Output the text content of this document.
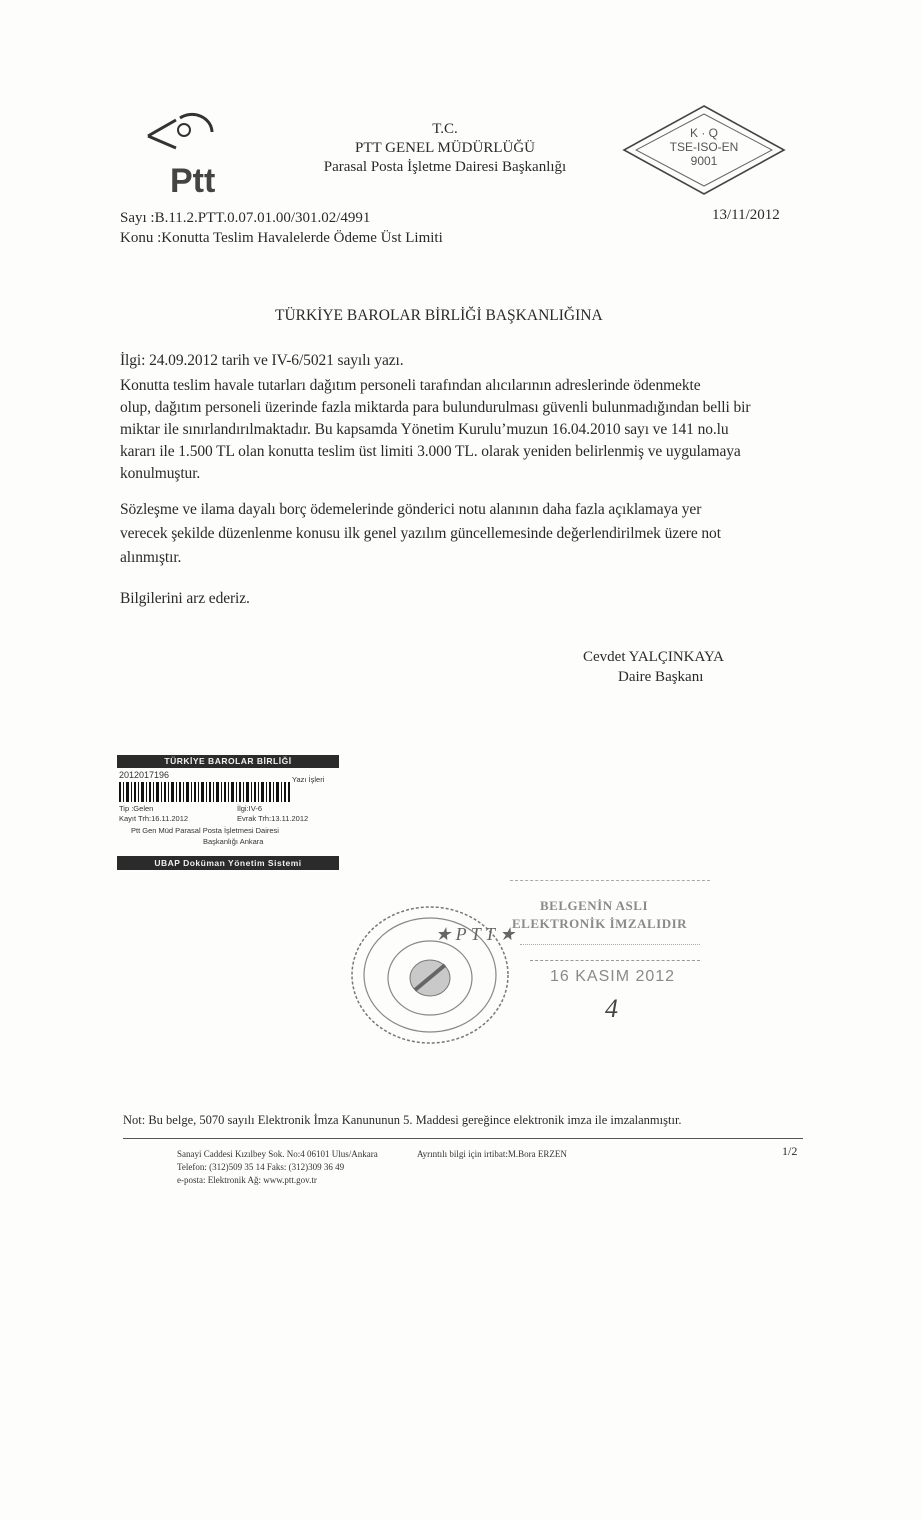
Ptt
T.C.
PTT GENEL MÜDÜRLÜĞÜ
Parasal Posta İşletme Dairesi Başkanlığı
K · Q
TSE-ISO-EN
9001
Sayı :B.11.2.PTT.0.07.01.00/301.02/4991
Konu :Konutta Teslim Havalelerde Ödeme Üst Limiti
13/11/2012
TÜRKİYE BAROLAR BİRLİĞİ BAŞKANLIĞINA
İlgi: 24.09.2012 tarih ve IV-6/5021 sayılı yazı.
Konutta teslim havale tutarları dağıtım personeli tarafından alıcılarının adreslerinde ödenmekte
olup, dağıtım personeli üzerinde fazla miktarda para bulundurulması güvenli bulunmadığından belli bir
miktar ile sınırlandırılmaktadır. Bu kapsamda Yönetim Kurulu’muzun 16.04.2010 sayı ve 141 no.lu
kararı ile 1.500 TL olan konutta teslim üst limiti 3.000 TL. olarak yeniden belirlenmiş ve uygulamaya
konulmuştur.
Sözleşme ve ilama dayalı borç ödemelerinde gönderici notu alanının daha fazla açıklamaya yer
verecek şekilde düzenlenme konusu ilk genel yazılım güncellemesinde değerlendirilmek üzere not
alınmıştır.
Bilgilerini arz ederiz.
Cevdet YALÇINKAYA
Daire Başkanı
TÜRKİYE BAROLAR BİRLİĞİ
2012017196	Yazı İşleri
Tip :Gelen	İlgi:IV-6
Kayıt Trh:16.11.2012	Evrak Trh:13.11.2012
Ptt Gen Müd Parasal Posta İşletmesi Dairesi
Başkanlığı Ankara
UBAP Doküman Yönetim Sistemi
★ P T T ★
BELGENİN ASLI
ELEKTRONİK İMZALIDIR
16 KASIM 2012
4
Not: Bu belge, 5070 sayılı Elektronik İmza Kanununun 5. Maddesi gereğince elektronik imza ile imzalanmıştır.
Sanayi Caddesi Kızılbey Sok. No:4 06101 Ulus/Ankara	Ayrıntılı bilgi için irtibat:M.Bora ERZEN
Telefon: (312)509 35 14 Faks: (312)309 36 49
e-posta: Elektronik Ağ: www.ptt.gov.tr
1/2
